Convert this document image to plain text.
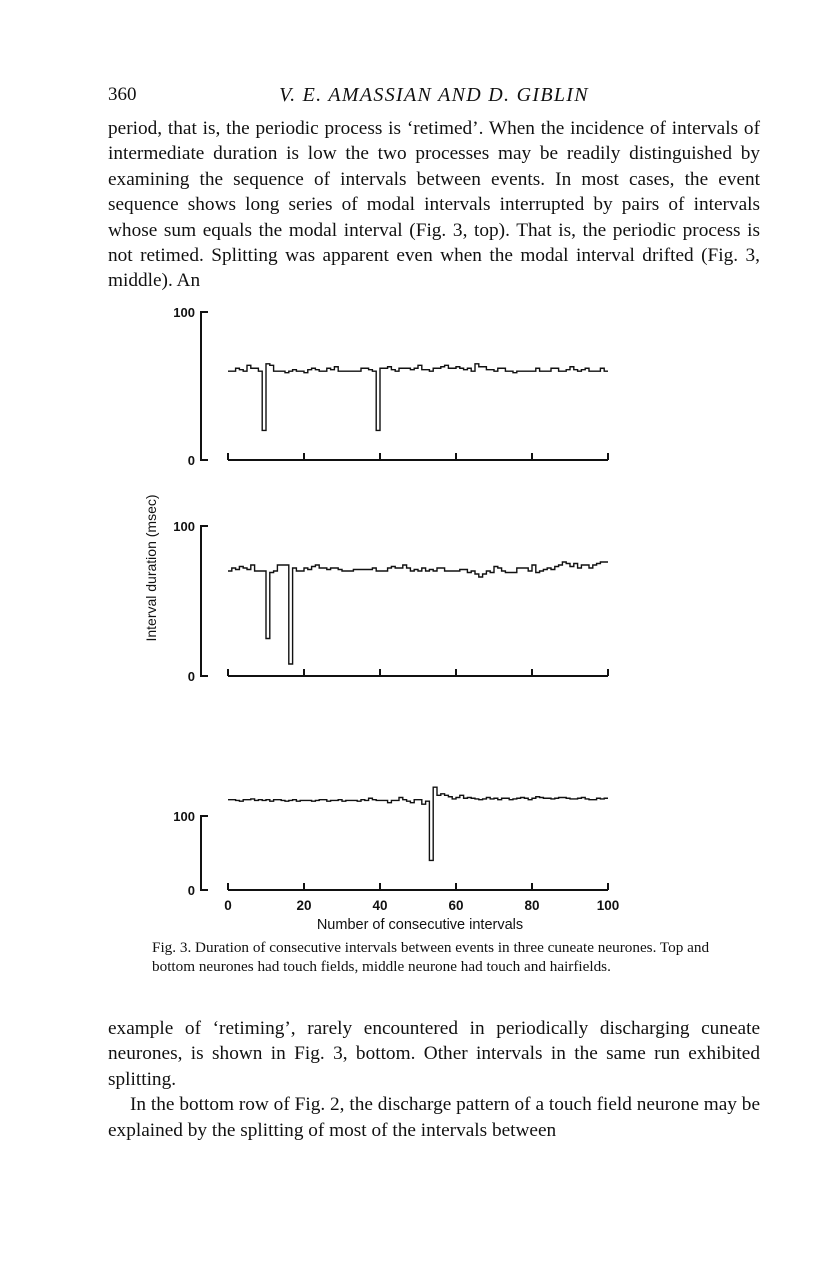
360	V. E. AMASSIAN AND D. GIBLIN

period, that is, the periodic process is ‘retimed’. When the incidence of intervals of intermediate duration is low the two processes may be readily distinguished by examining the sequence of intervals between events. In most cases, the event sequence shows long series of modal intervals interrupted by pairs of intervals whose sum equals the modal interval (Fig. 3, top). That is, the periodic process is not retimed. Splitting was apparent even when the modal interval drifted (Fig. 3, middle). An

Interval duration (msec)
Number of consecutive intervals
0
100
0
100
0
100
0	20	40	60	80	100
Fig. 3. Duration of consecutive intervals between events in three cuneate neurones. Top and bottom neurones had touch fields, middle neurone had touch and hairfields.

example of ‘retiming’, rarely encountered in periodically discharging cuneate neurones, is shown in Fig. 3, bottom. Other intervals in the same run exhibited splitting.

In the bottom row of Fig. 2, the discharge pattern of a touch field neurone may be explained by the splitting of most of the intervals between
